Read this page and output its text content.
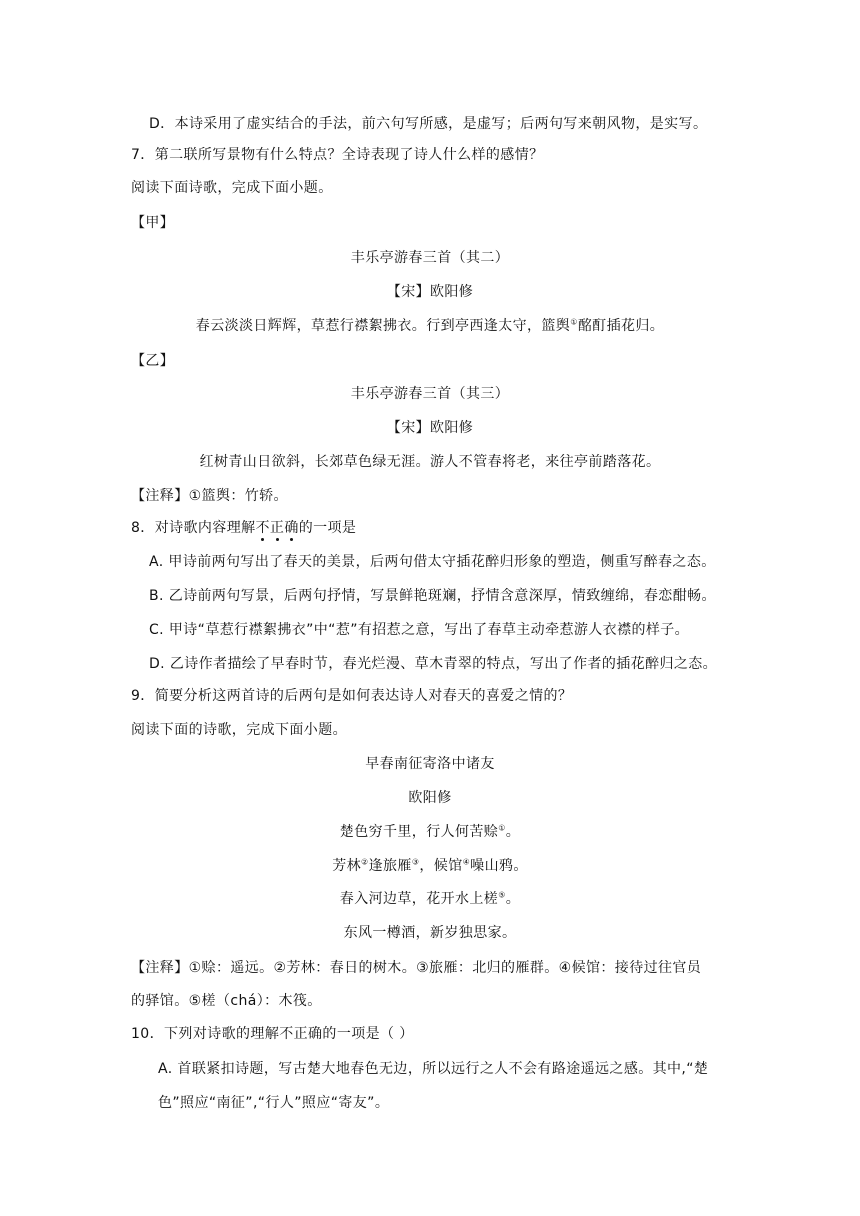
D．本诗采用了虚实结合的手法，前六句写所感，是虚写；后两句写来朝风物，是实写。
7．第二联所写景物有什么特点？全诗表现了诗人什么样的感情？
阅读下面诗歌，完成下面小题。
【甲】
丰乐亭游春三首（其二）
【宋】欧阳修
春云淡淡日辉辉，草惹行襟絮拂衣。行到亭西逢太守，篮舆①酩酊插花归。
【乙】
丰乐亭游春三首（其三）
【宋】欧阳修
红树青山日欲斜，长郊草色绿无涯。游人不管春将老，来往亭前踏落花。
【注释】①篮舆：竹轿。
8．对诗歌内容理解不正确的一项是
A. 甲诗前两句写出了春天的美景，后两句借太守插花醉归形象的塑造，侧重写醉春之态。
B. 乙诗前两句写景，后两句抒情，写景鲜艳斑斓，抒情含意深厚，情致缠绵，春恋酣畅。
C. 甲诗“草惹行襟絮拂衣”中“惹”有招惹之意，写出了春草主动牵惹游人衣襟的样子。
D. 乙诗作者描绘了早春时节，春光烂漫、草木青翠的特点，写出了作者的插花醉归之态。
9．简要分析这两首诗的后两句是如何表达诗人对春天的喜爱之情的？
阅读下面的诗歌，完成下面小题。
早春南征寄洛中诸友
欧阳修
楚色穷千里，行人何苦赊①。
芳林②逢旅雁③，候馆④噪山鸦。
春入河边草，花开水上槎⑤。
东风一樽酒，新岁独思家。
【注释】①赊：遥远。②芳林：春日的树木。③旅雁：北归的雁群。④候馆：接待过往官员
的驿馆。⑤槎（chá）：木筏。
10．下列对诗歌的理解不正确的一项是（ ）
A. 首联紧扣诗题，写古楚大地春色无边，所以远行之人不会有路途遥远之感。其中,“楚
色”照应“南征”,“行人”照应“寄友”。
